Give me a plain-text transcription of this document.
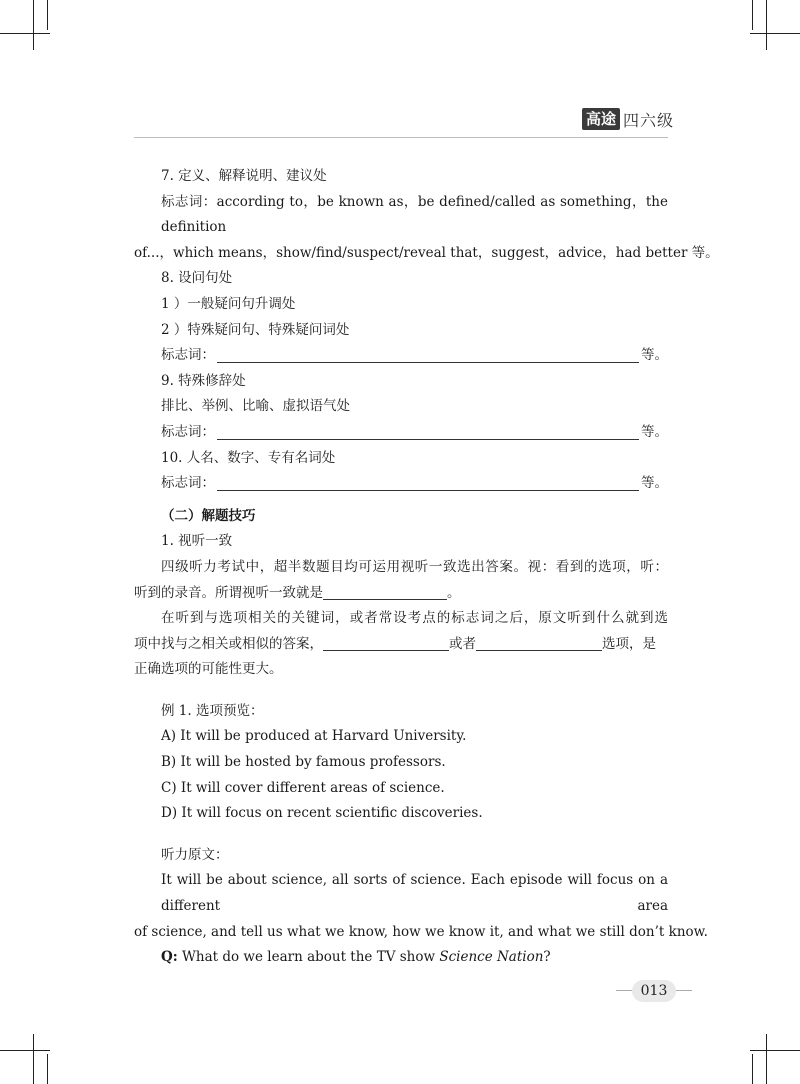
高途 四六级
7. 定义、解释说明、建议处
标志词：according to，be known as，be defined/called as something，the definition
of...，which means，show/find/suspect/reveal that，suggest，advice，had better 等。
8. 设问句处
1 ）一般疑问句升调处
2 ）特殊疑问句、特殊疑问词处
标志词：	等。
9. 特殊修辞处
排比、举例、比喻、虚拟语气处
标志词：	等。
10. 人名、数字、专有名词处
标志词：	等。
（二）解题技巧
1. 视听一致
四级听力考试中，超半数题目均可运用视听一致选出答案。视：看到的选项，听：
听到的录音。所谓视听一致就是	。
在听到与选项相关的关键词，或者常设考点的标志词之后，原文听到什么就到选
项中找与之相关或相似的答案，	或者	选项，是
正确选项的可能性更大。
例 1. 选项预览：
A) It will be produced at Harvard University.
B) It will be hosted by famous professors.
C) It will cover different areas of science.
D) It will focus on recent scientific discoveries.
听力原文：
It will be about science, all sorts of science. Each episode will focus on a different area
of science, and tell us what we know, how we know it, and what we still don’t know.
Q: What do we learn about the TV show Science Nation?
013
